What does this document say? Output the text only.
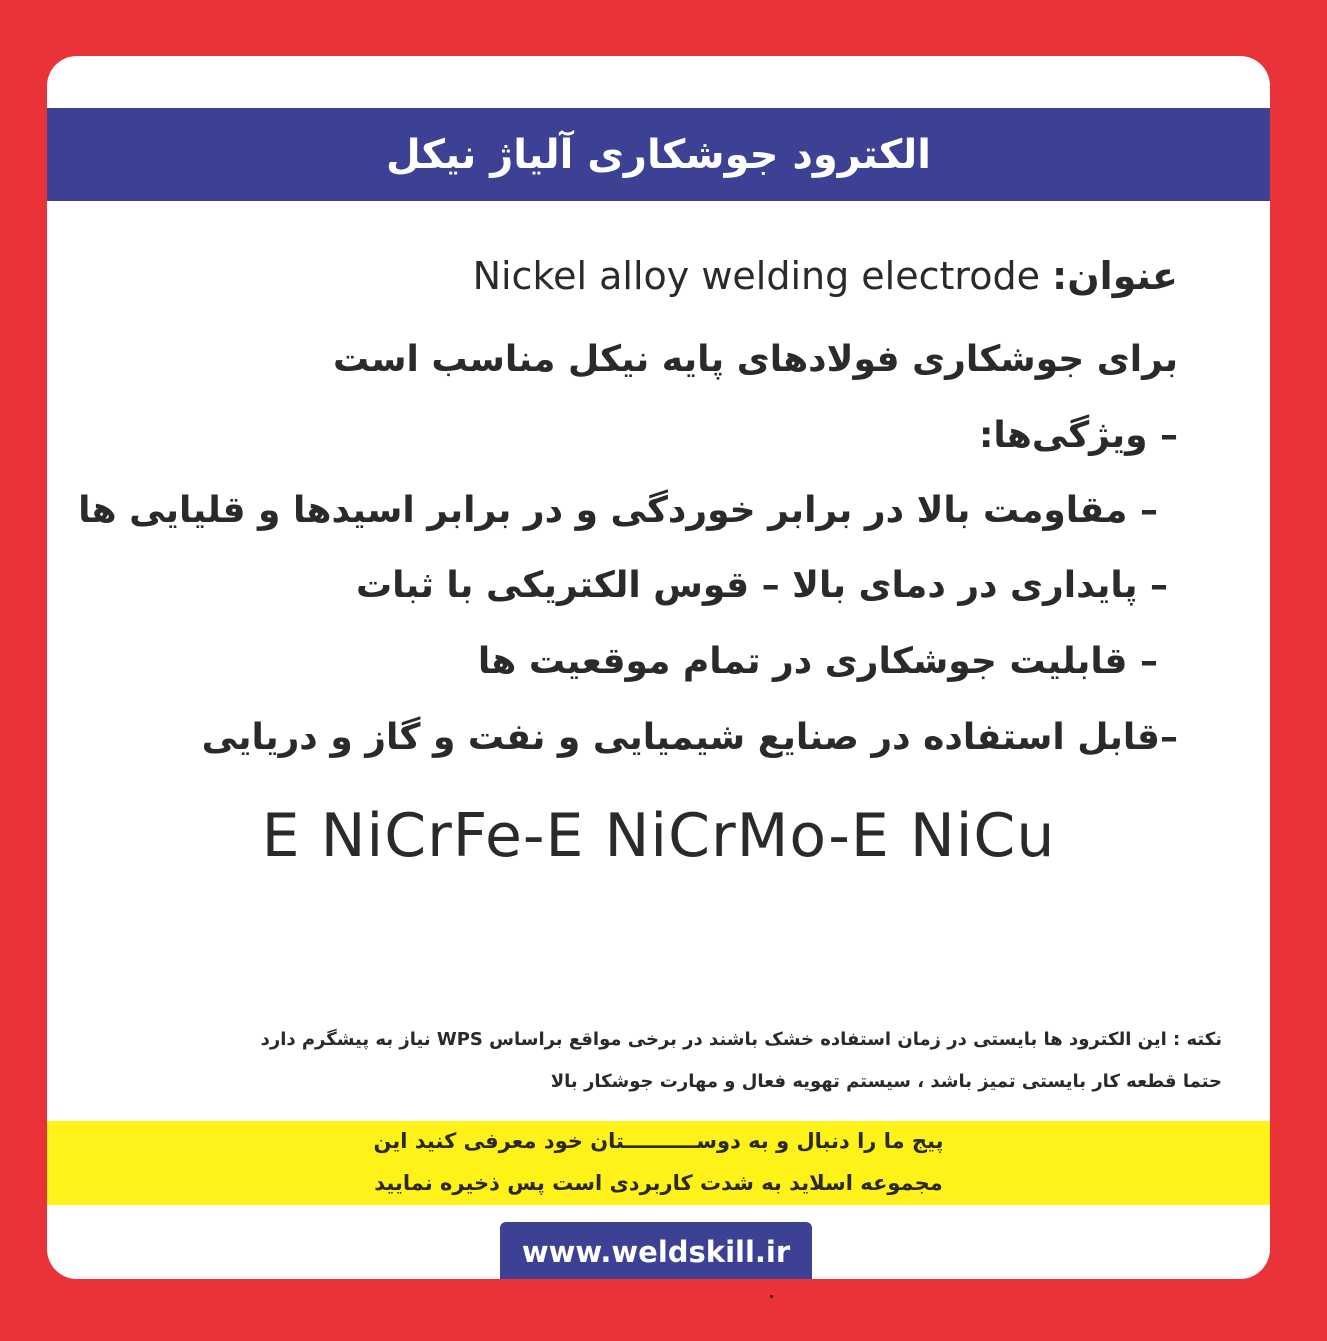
الکترود جوشکاری آلیاژ نیکل
عنوان: Nickel alloy welding electrode
برای جوشکاری فولادهای پایه نیکل مناسب است
– ویژگی‌ها:
– مقاومت بالا در برابر خوردگی و در برابر اسیدها و قلیایی ها
– پایداری در دمای بالا – قوس الکتریکی با ثبات
– قابلیت جوشکاری در تمام موقعیت ها
–قابل استفاده در صنایع شیمیایی و نفت و گاز و دریایی
E NiCrFe-E NiCrMo-E NiCu
نکته : این الکترود ها بایستی در زمان استفاده خشک باشند در برخی مواقع براساس WPS نیاز به پیشگرم دارد
حتما قطعه کار بایستی تمیز باشد ، سیستم تهویه فعال و مهارت جوشکار بالا
پیج ما را دنبال و به دوســــــــــتان خود معرفی کنید این
مجموعه اسلاید به شدت کاربردی است پس ذخیره نمایید
www.weldskill.ir
